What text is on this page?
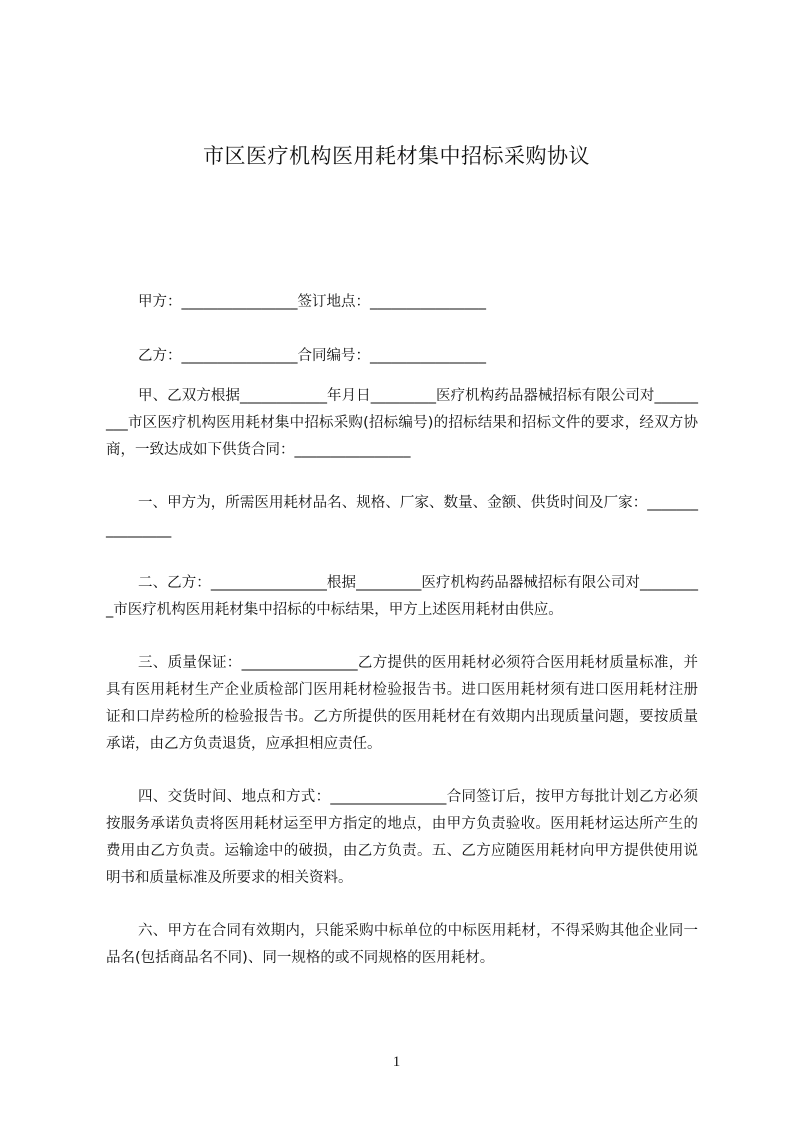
市区医疗机构医用耗材集中招标采购协议
甲方：________________签订地点：________________
乙方：________________合同编号：________________

甲、乙双方根据____________年月日_________医疗机构药品器械招标有限公司对_________市区医疗机构医用耗材集中招标采购(招标编号)的招标结果和招标文件的要求，经双方协商，一致达成如下供货合同：________________

一、甲方为，所需医用耗材品名、规格、厂家、数量、金额、供货时间及厂家：________________

二、乙方：________________根据_________医疗机构药品器械招标有限公司对_________市医疗机构医用耗材集中招标的中标结果，甲方上述医用耗材由供应。

三、质量保证：________________乙方提供的医用耗材必须符合医用耗材质量标准，并具有医用耗材生产企业质检部门医用耗材检验报告书。进口医用耗材须有进口医用耗材注册证和口岸药检所的检验报告书。乙方所提供的医用耗材在有效期内出现质量问题，要按质量承诺，由乙方负责退货，应承担相应责任。

四、交货时间、地点和方式：________________合同签订后，按甲方每批计划乙方必须按服务承诺负责将医用耗材运至甲方指定的地点，由甲方负责验收。医用耗材运达所产生的费用由乙方负责。运输途中的破损，由乙方负责。五、乙方应随医用耗材向甲方提供使用说明书和质量标准及所要求的相关资料。

六、甲方在合同有效期内，只能采购中标单位的中标医用耗材，不得采购其他企业同一品名(包括商品名不同)、同一规格的或不同规格的医用耗材。

1
